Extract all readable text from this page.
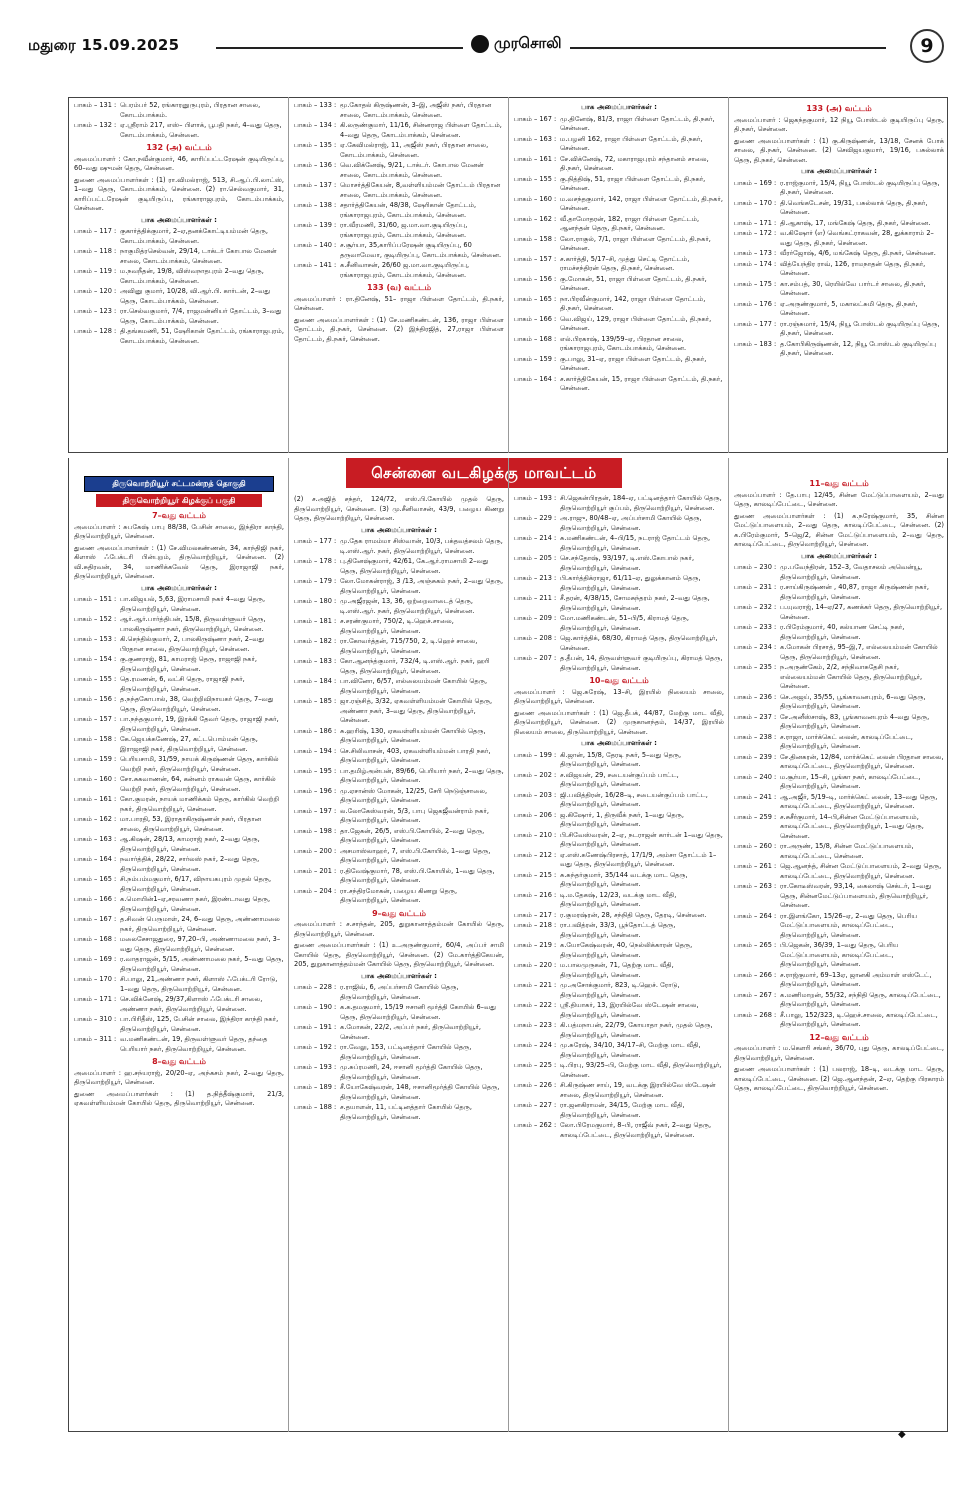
மதுரை 15.09.2025	முரசொலி	9
பாகம் – 131 : பெரம்பர் 52, ரங்காரனுருபுரம், பிரதான சாலை, கோடம்பாக்கம்.
பாகம் – 132 : ஏ.ஸ்ரீராம் 217, எஸ்– பிளாக், பூபதி நகர், 4–வது தெரு, கோடம்பாக்கம், சென்னை.
132 (அ) வட்டம்
அமைப்பாளர் : கோ.நவீன்குமார், 46, காரிப்பட்டரேஷன் குடியிருப்பு, 60–வது ஷுமன் தெரு, சென்னை.
துணை அமைப்பாளர்கள் : (1) ரா.விமல்ராஜ், 513, சி.ஆப்.பி.லாட்ஸ், 1–வது தெரு, கோடம்பாக்கம், சென்னை. (2) ரா.செல்வகுமார், 31, காரிப்பட்டரேஷன் குடியிருப்பு, ரங்காராஜபுரம், கோடம்பாக்கம், சென்னை.
பாக அமைப்பாளர்கள் :
பாகம் – 117 : குகார்த்திக்குமார், 2–ஏ,தனக்கோட்டியம்மன் தெரு, கோடம்பாக்கம், சென்னை.
பாகம் – 118 : நாகுமித்ரசெல்வன், 29/14, டாக்டர் கோபால மேனன் சாலை, கோடம்பாக்கம், சென்னை.
பாகம் – 119 : ம.நவநீதன், 19/8, விஸ்வநாதபுரம் 2–வது தெரு, கோடம்பாக்கம், சென்னை.
பாகம் – 120 : அவினு குமார், 10/28, வி.ஆர்.பி. கார்டன், 2–வது தெரு, கோடம்பாக்கம், சென்னை.
பாகம் – 123 : ரா.செல்வகுமார், 7/4, ராஜமன்னியர் தோட்டம், 3–வது தெரு, கோடம்பாக்கம், சென்னை.
பாகம் – 128 : தி.தங்கமணி, 51, ஷேரிகான் தோட்டம், ரங்காராஜபுரம், கோடம்பாக்கம், சென்னை.
பாகம் – 133 : மூ.கோதல் கிருஷ்ணன், 3–இ, அஜீஸ் நகர், பிரதான சாலை, கோடம்பாக்கம், சென்னை.
பாகம் – 134 : கி.லருண்குமார், 11/16, சின்னராஜ பிள்ளை தோட்டம், 4–வது தெரு, கோடம்பாக்கம், சென்னை.
பாகம் – 135 : ஏ.கேவிமல்ராஜ், 11, அஜீஸ் நகர், பிரதான சாலை, கோடம்பாக்கம், சென்னை.
பாகம் – 136 : வெ.விக்னேஷ், 9/21, டாக்டர். கோபால மேனன் சாலை, கோடம்பாக்கம், சென்னை.
பாகம் – 137 : மொசர்த்திகேயன், 8,வள்ளியம்மன் தோட்டம் பிரதான சாலை, கோடம்பாக்கம், சென்னை.
பாகம் – 138 : சதார்த்திகேயன், 48/38, ஷேரிகான் தோட்டம், ரங்காராஜபுரம், கோடம்பாக்கம், சென்னை.
பாகம் – 139 : ரா.வீரமணி, 31/60, ஜ.மா.வா.குடியிருப்பு, ரங்காராஜபுரம், கோடம்பாக்கம், சென்னை.
பாகம் – 140 : ச.சூர்யா, 35,காரிப்பரேஷன் குடியிருப்பு, 60 தருவாமேவா, குடியிருப்பு, கோடம்பாக்கம், சென்னை.
பாகம் – 141 : க.சீனிவாசன், 26/60 ஜ.மா.வா.குடியிருப்பு, ரங்காராஜபுரம், கோடம்பாக்கம், சென்னை.
133 (வ) வட்டம்
அமைப்பாளர் : ரா.தினேஷ், 51– ராஜா பிள்ளை தோட்டம், தி.நகர், சென்னை.
துணை அமைப்பாளர்கள் : (1) சே.மணிகண்டன், 136, ராஜா பிள்ளை தோட்டம், தி.நகர், சென்னை. (2) இந்திரஜித், 27,ராஜா பிள்ளை தோட்டம், தி.நகர், சென்னை.
பாக அமைப்பாளர்கள் :
பாகம் – 167 : மு.தினேஷ், 81/3, ராஜா பிள்ளை தோட்டம், தி.நகர், சென்னை.
பாகம் – 163 : ம.பழனி 162, ராஜா பிள்ளை தோட்டம், தி.நகர், சென்னை.
பாகம் – 161 : சே.விக்னேஷ், 72, மகாராஜபுரம் சந்தானம் சாலை, தி.நகர், சென்னை.
பாகம் – 155 : கு.நித்திஷ், 51, ராஜா பிள்ளை தோட்டம், தி.நகர், சென்னை.
பாகம் – 160 : ம.வசந்தகுமார், 142, ராஜா பிள்ளை தோட்டம், தி.நகர், சென்னை.
பாகம் – 162 : வீ.தாமோதரன், 182, ராஜா பிள்ளை தோட்டம், ஆனந்தன் தெரு, தி.நகர், சென்னை.
பாகம் – 158 : லோ.ராகுல், 7/1, ராஜா பிள்ளை தோட்டம், தி.நகர், சென்னை.
பாகம் – 157 : ச.கார்த்தி, 5/17–சி, முத்து செட்டி தோட்டம், ராமச்சந்திரன் தெரு, தி.நகர், சென்னை.
பாகம் – 156 : கு.மோகன், 51, ராஜா பிள்ளை தோட்டம், தி.நகர், சென்னை.
பாகம் – 165 : நா.பிரவீன்குமார், 142, ராஜா பிள்ளை தோட்டம், தி.நகர், சென்னை.
பாகம் – 166 : வெ.விஜய், 129, ராஜா பிள்ளை தோட்டம், தி.நகர், சென்னை.
பாகம் – 168 : எல்.பிரகாஷ், 139/59–ஏ, பிரதான சாலை, ரங்காராஜபுரம், கோடம்பாக்கம், சென்னை.
பாகம் – 159 : கு.பாலு, 31–ஏ, ராஜா பிள்ளை தோட்டம், தி.நகர், சென்னை.
பாகம் – 164 : ச.கார்த்திகேயன், 15, ராஜா பிள்ளை தோட்டம், தி.நகர், சென்னை.
133 (அ) வட்டம்
அமைப்பாளர் : ஜெகந்தகுமார், 12 நியூ போஸ்டல் குடியிருப்பு தெரு, தி.நகர், சென்னை.
துணை அமைப்பாளர்கள் : (1) கு.கிருஷ்ணன், 13/18, சேனக் போக் சாலை, தி.நகர், சென்னை. (2) செவிஜயகுமார், 19/16, பசுல்லாக் தெரு, தி.நகர், சென்னை.
பாக அமைப்பாளர்கள் :
பாகம் – 169 : ர.ராஜ்குமார், 15/4, நியூ போஸ்டல் குடியிருப்பு தெரு, தி.நகர், சென்னை.
பாகம் – 170 : தி.வெங்கடேசன், 19/31, பசுல்லாக் தெரு, தி.நகர், சென்னை.
பாகம் – 171 : தி.ஆகாஷ், 17, மங்கேஷ் தெரு, தி.நகர், சென்னை.
பாகம் – 172 : வ.கிஷோர் (எ) வெங்கட்ராகவன், 28, துக்காராம் 2–வது தெரு, தி.நகர், சென்னை.
பாகம் – 173 : வீரர்ஜோஷ், 4/6, மங்கேஷ் தெரு, தி.நகர், சென்னை.
பாகம் – 174 : வித்யேந்திர ராவ், 126, ராமநாதன் தெரு, தி.நகர், சென்னை.
பாகம் – 175 : கா.சம்பத், 30, ரெயில்வே பார்டர் சாலை, தி.நகர், சென்னை.
பாகம் – 176 : ஏ.அருண்குமார், 5, மகாலட்சுமி தெரு, தி.நகர், சென்னை.
பாகம் – 177 : ரா.ரஞ்சுமார், 15/4, நியூ போஸ்டல் குடியிருப்பு தெரு, தி.நகர், சென்னை.
பாகம் – 183 : த.கோபிகிருஷ்ணன், 12, நியூ போஸ்டல் குடியிருப்பு தி.நகர், சென்னை.
சென்னை வடகிழக்கு மாவட்டம்
திருவொற்றியூர் சட்டமன்றத் தொகுதி
திருவொற்றியூர் கிழக்குப் பகுதி
7–வது வட்டம்
அமைப்பாளர் : சுபகேஷ் பாபு 88/38, பேசின் சாலை, இந்திரா காந்தி, திருவொற்றியூர், சென்னை.
துணை அமைப்பாளர்கள் : (1) சே.விமலகண்ணன், 34, காந்திஜி நகர், கிளாஸ் ஃபேக்டரி பின்புறம், திருவொற்றியூர், சென்னை. (2) வி.சுதிரவன், 34, மாணிக்கவேல் தெரு, இராஜாஜி நகர், திருவொற்றியூர், சென்னை.
பாக அமைப்பாளர்கள் :
பாகம் – 151 : பா.விஜயல், 5,63, இராமசாமி நகர் 4–வது தெரு, திருவொற்றியூர், சென்னை.
பாகம் – 152 : ஆர்.ஆர்.பார்த்திபன், 15/8, திருவள்ளுவர் தெரு, பாலகிருஷ்ணா நகர், திருவொற்றியூர், சென்னை.
பாகம் – 153 : கி.செந்தில்குமார், 2, பாலகிருஷ்ணா நகர், 2–வது பிரதான சாலை, திருவொற்றியூர், சென்னை.
பாகம் – 154 : கு.குணராஜ், 81, காமராஜ் தெரு, ராஜாஜி நகர், திருவொற்றியூர், சென்னை.
பாகம் – 155 : தெ.ரமணன், 6, வட்சி தெரு, ராஜாஜி நகர், திருவொற்றியூர், சென்னை.
பாகம் – 156 : த.நந்தகோபால், 38, வெற்றிவிநாயகர் தெரு, 7–வது தெரு, திருவொற்றியூர், சென்னை.
பாகம் – 157 : பா.நந்தகுமார், 19, இரக்கி தேவர் தெரு, ராஜாஜி நகர், திருவொற்றியூர், சென்னை.
பாகம் – 158 : கே.ஜெயக்கணேஷ், 27, கட்டபொம்மன் தெரு, இராஜாஜி நகர், திருவொற்றியூர், சென்னை.
பாகம் – 159 : பெரியசாமி, 31/59, நாயக் கிருஷ்ணன் தெரு, கார்கில் வெற்றி நகர், திருவொற்றியூர், சென்னை.
பாகம் – 160 : சோ.சுகவாணன், 64, கன்னம் ராகவன் தெரு, கார்கில் வெற்றி நகர், திருவொற்றியூர், சென்னை.
பாகம் – 161 : கோ.குமரன், நாயக் மாணிக்கம் தெரு, கார்கில் வெற்றி நகர், திருவொற்றியூர், சென்னை.
பாகம் – 162 : மா.பாரதி, 53, இராதாகிருஷ்ணன் நகர், பிரதான சாலை, திருவொற்றியூர், சென்னை.
பாகம் – 163 : ஆ.கிஷன், 28/13, காமராஜ் நகர், 2–வது தெரு, திருவொற்றியூர், சென்னை.
பாகம் – 164 : நவார்த்திக், 28/22, சார்லஸ் நகர், 2–வது தெரு, திருவொற்றியூர், சென்னை.
பாகம் – 165 : சி.நம்பம்மகுமார், 6/17, விநாயகபுரம் முதல் தெரு, திருவொற்றியூர், சென்னை.
பாகம் – 166 : க.மொயின்1–ஏ,சரவணா நகர், இரண்டாவது தெரு, திருவொற்றியூர், சென்னை.
பாகம் – 167 : த.சிவன் பெருமாள், 24, 6–வது தெரு, அண்ணாமலை நகர், திருவொற்றியூர், சென்னை.
பாகம் – 168 : மலைசேசாஜதுரை, 97,20–பி, அண்ணாமலை நகர், 3–வது தெரு, திருவொற்றியூர், சென்னை.
பாகம் – 169 : ர.வாதராஜன், 5/15, அண்ணாமலை நகர், 5–வது தெரு, திருவொற்றியூர், சென்னை.
பாகம் – 170 : சி.பாலு, 21,அண்ணா நகர், கிளாஸ் ஃபேக்டரி ரோடு, 1–வது தெரு, திருவொற்றியூர், சென்னை.
பாகம் – 171 : செ.விக்னேஷ், 29/37,கிளாஸ் ஃபேக்டரி சாலை, அண்ணா நகர், திருவொற்றியூர், சென்னை.
பாகம் – 310 : பா.பிரிதீஸ், 125, பேசின் சாலை, இந்திரா காந்தி நகர், திருவொற்றியூர், சென்னை.
பாகம் – 311 : வ.மணிகண்டன், 19, திருவள்ளுவர் தெரு, தந்தை பெரியார் நகர், திருவொற்றியூர், சென்னை.
8–வது வட்டம்
அமைப்பாளர் : ஹ.சந்யராஜ், 20/20–ஏ, அந்கசம் நகர், 2–வது தெரு, திருவொற்றியூர், சென்னை.
துணை அமைப்பாளர்கள் : (1) த.நித்தீஷ்குமார், 21/3, ஏகவள்ளியம்மன் கோயில் தெரு, திருவொற்றியூர், சென்னை.
(2) ச.அஜித் சந்தர், 124/72, எஸ்.பி.கோயில் முதல் தெரு, திருவொற்றியூர், சென்னை. (3) மு.சீனிவாசன், 43/9, பழைய கிணறு தெரு, திருவொற்றியூர், சென்னை.
பாக அமைப்பாளர்கள் :
பாகம் – 177 : மு.தேக ராமம்மா சிஸ்வான், 10/3, பக்தவத்சலம் தெரு, டி.எஸ்.ஆர். நகர், திருவொற்றியூர், சென்னை.
பாகம் – 178 : பு.தினேஷ்குமார், 42/61, கே.ஆர்.ராமசாமி 2–வது தெரு, திருவொற்றியூர், சென்னை.
பாகம் – 179 : லோ.மோகன்ராஜ், 3 /13, அஞ்சுகம் நகர், 2–வது தெரு, திருவொற்றியூர், சென்னை.
பாகம் – 180 : மு.அஜீரஜன், 13, 36, ஒற்றைவாடைத் தெரு, டி.எஸ்.ஆர். நகர், திருவொற்றியூர், சென்னை.
பாகம் – 181 : ச.சரண்குமார், 750/2, டி.ஹெச்.சாலை, திருவொற்றியூர், சென்னை.
பாகம் – 182 : ரா.கோவர்த்தன், 715/750, 2, டி.ஹெச் சாலை, திருவொற்றியூர், சென்னை.
பாகம் – 183 : கோ.ஆனந்த்குமார், 732/4, டி.எஸ்.ஆர். நகர், ஹரி தெரு, திருவொற்றியூர், சென்னை.
பாகம் – 184 : பா.வினோ, 6/57, எல்லையம்மன் கோயில் தெரு, திருவொற்றியூர், சென்னை.
பாகம் – 185 : ஜா.ரஞ்சித், 3/32, ஏகவள்ளியம்மன் கோயில் தெரு, அண்ணா நகர், 3–வது தெரு, திருவொற்றியூர், சென்னை.
பாகம் – 186 : சு.ஹரிஷ், 130, ஏகவள்ளியம்மன் கோயில் தெரு, திருவொற்றியூர், சென்னை.
பாகம் – 194 : செ.சிலிவாசன், 403, ஏகவள்ளியம்மன் பாரதி நகர், திருவொற்றியூர், சென்னை.
பாகம் – 195 : பா.தமிழ்அன்பன், 89/66, பெரியார் நகர், 2–வது தெரு, திருவொற்றியூர், சென்னை.
பாகம் – 196 : மு.ஏசான்ஸ் மோகன், 12/25, சேரி நெடுஞ்சாலை, திருவொற்றியூர், சென்னை.
பாகம் – 197 : ல.லோகேஸ்வரன், 5/3, பாபு ஜெகஜீவன்ராம் நகர், திருவொற்றியூர், சென்னை.
பாகம் – 198 : தா.ஜேகன், 26/5, எஸ்.பி.கோயில், 2–வது தெரு, திருவொற்றியூர், சென்னை.
பாகம் – 200 : அசமாஸ்லாஹர், 7, எஸ்.பி.கோயில், 1–வது தெரு, திருவொற்றியூர், சென்னை.
பாகம் – 201 : ர.திவேஷ்குமார், 78, எஸ்.பி.கோயில், 1–வது தெரு, திருவொற்றியூர், சென்னை.
பாகம் – 204 : ரா.சந்திரமோகன், பழைய கிணறு தெரு, திருவொற்றியூர், சென்னை.
9–வது வட்டம்
அமைப்பாளர் : ச.சாந்தன், 205, துறுகானாத்தம்மன் கோயில் தெரு, திருவொற்றியூர், சென்னை.
துணை அமைப்பாளர்கள் : (1) உ.அருண்குமார், 60/4, அப்பர் சாமி கோயில் தெரு, திருவொற்றியூர், சென்னை. (2) மே.கார்த்திகேயன், 205, துறுகானாத்தம்மன் கோயில் தெரு, திருவொற்றியூர், சென்னை.
பாக அமைப்பாளர்கள் :
பாகம் – 228 : ர.ராஜிவ், 6, அப்பர்சாமி கோயில் தெரு, திருவொற்றியூர், சென்னை.
பாகம் – 190 : க.க.தமகுமார், 15/19 ஈசானி மூர்த்தி கோயில் 6–வது தெரு, திருவொற்றியூர், சென்னை.
பாகம் – 191 : க.மோகன், 22/2, அப்பர் நகர், திருவொற்றியூர், சென்னை.
பாகம் – 192 : ரா.வேலு, 153, பட்டினத்தார் கோயில் தெரு, திருவொற்றியூர், சென்னை.
பாகம் – 193 : மு.சுப்ரமணி, 24, ஈசானி மூர்த்தி கோயில் தெரு, திருவொற்றியூர், சென்னை.
பாகம் – 189 : சீ.யோகேஷ்வரன், 148, ஈசானிமூர்த்தி கோயில் தெரு, திருவொற்றியூர், சென்னை.
பாகம் – 188 : ச.தயாளன், 11, பட்டினத்தார் கோயில் தெரு, திருவொற்றியூர், சென்னை.
பாகம் – 193 : சி.ஜெகன்பிரதன், 184–ஏ, பட்டினத்தார் கோயில் தெரு, திருவொற்றியூர் குப்பம், திருவொற்றியூர், சென்னை.
பாகம் – 229 : அ.ராஜு, 80/48–ஏ, அப்பர்சாமி கோயில் தெரு, திருவொற்றியூர், சென்னை.
பாகம் – 214 : சு.மணிகண்டன், 4–பி/15, நடராஜ் தோட்டம் தெரு, திருவொற்றியூர், சென்னை.
பாகம் – 205 : செ.சந்தோஷ், 93/197, டி.எஸ்.கோபால் நகர், திருவொற்றியூர், சென்னை.
பாகம் – 213 : பி.கார்த்திக்ராஜா, 61/11–ஏ, துலுக்கானம் தெரு, திருவொற்றியூர், சென்னை.
பாகம் – 211 : சீ.தரன், 4/38/15, சோமசுந்தரம் நகர், 2–வது தெரு, திருவொற்றியூர், சென்னை.
பாகம் – 209 : மோ.மணிகண்டன், 51–பி/5, கிராமத் தெரு, திருவொற்றியூர், சென்னை.
பாகம் – 208 : ஜெ.கார்த்திக், 68/30, கிராமத் தெரு, திருவொற்றியூர், சென்னை.
பாகம் – 207 : த.தீபன், 14, திருவள்ளுவர் குடியிருப்பு, கிராமத் தெரு, திருவொற்றியூர், சென்னை.
10–வது வட்டம்
அமைப்பாளர் : ஜெ.சுரேஷ், 13–சி, இரயில் நிலையம் சாலை, திருவொற்றியூர், சென்னை.
துணை அமைப்பாளர்கள் : (1) ஜெ.தீபக், 44/87, மேற்கு மாட வீதி, திருவொற்றியூர், சென்னை. (2) முருகானந்தம், 14/37, இரயில் நிலையம் சாலை, திருவொற்றியூர், சென்னை.
பாக அமைப்பாளர்கள் :
பாகம் – 199 : கி.ஜான், 15/8, தேரடி நகர், 5–வது தெரு, திருவொற்றியூர், சென்னை.
பாகம் – 202 : ச.விஜயன், 29, சடையன்குப்பம் பாட்ட, திருவொற்றியூர், சென்னை.
பாகம் – 203 : ஜி.பவித்திரன், 16/28–டி, சடையன்குப்பம் பாட்ட, திருவொற்றியூர், சென்னை.
பாகம் – 206 : ஜ.கிஷோர், 1, திருவீக் நகர், 1–வது தெரு, திருவொற்றியூர், சென்னை.
பாகம் – 210 : பி.சிவேஸ்வரன், 2–ஏ, நடராஜன் கார்டன் 1–வது தெரு, திருவொற்றியூர், சென்னை.
பாகம் – 212 : ஏ.எஸ்.கணேஷ்பிரசாத், 17/1/9, அம்சா தோட்டம் 1–வது தெரு, திருவொற்றியூர், சென்னை.
பாகம் – 215 : சு.சுந்தர்குமார், 35/144 வடக்கு மாட தெரு, திருவொற்றியூர், சென்னை.
பாகம் – 216 : டி.ம.தேகஷ், 12/23, வடக்கு மாட வீதி, திருவொற்றியூர், சென்னை.
பாகம் – 217 : ர.குமரஷ்ரன், 28, சந்நிதி தெரு, தேரடி, சென்னை.
பாகம் – 218 : ரா.பவித்ரன், 33/3, பூந்தோட்டத் தெரு, திருவொற்றியூர், சென்னை.
பாகம் – 219 : க.யோகேஷ்வரன், 40, நெல்லிக்காரன் தெரு, திருவொற்றியூர், சென்னை.
பாகம் – 220 : ம.பாலமுருகன், 71, தெற்கு மாட வீதி, திருவொற்றியூர், சென்னை.
பாகம் – 221 : மு.அசோக்குமார், 823, டி.ஹெச். ரோடு, திருவொற்றியூர், சென்னை.
பாகம் – 222 : ஸ்ரீ.தியாகர், 13, இரயில்வே ஸ்டேஷன் சாலை, திருவொற்றியூர், சென்னை.
பாகம் – 223 : கி.பத்மநாபன், 22/79, கோயாதா நகர், முதல் தெரு, திருவொற்றியூர், சென்னை.
பாகம் – 224 : மு.சுரேஷ், 34/10, 34/17–சி, மேற்கு மாட வீதி, திருவொற்றியூர், சென்னை.
பாகம் – 225 : டி.பிரபு, 93/25–பி, மேற்கு மாட வீதி, திருவொற்றியூர், சென்னை.
பாகம் – 226 : சி.கிருஷ்ண சாய், 19, வடக்கு இரயில்வே ஸ்டேஷன் சாலை, திருவொற்றியூர், சென்னை.
பாகம் – 227 : ரா.ஜனகிராமன், 34/15, மேற்கு மாட வீதி, திருவொற்றியூர், சென்னை.
பாகம் – 262 : லோ.பிரேமகுமார், 8–பி, ராஜீவ் நகர், 2–வது தெரு, காலடிப்பேட்டை, திருவொற்றியூர், சென்னை.
11–வது வட்டம்
அமைப்பாளர் : தே.பாபு 12/45, சின்ன மேட்டுப்பாளையம், 2–வது தெரு, காலடிப்பேட்டை, சென்னை.
துணை அமைப்பாளர்கள் : (1) க.நரேஷ்குமார், 35, சின்ன மேட்டுப்பாளையம், 2–வது தெரு, காலடிப்பேட்டை, சென்னை. (2) க.பிரேம்குமார், 5–ஜெ/2, சின்ன மேட்டுப்பாளையம், 2–வது தெரு, காலடிப்பேட்டை, திருவொற்றியூர், சென்னை.
பாக அமைப்பாளர்கள் :
பாகம் – 230 : மு.பவேந்திரன், 152–3, வேதாசலம் அவென்யூ, திருவொற்றியூர், சென்னை.
பாகம் – 231 : ர.சாய்கிருஷ்ணன் , 40,87, ராஜா கிருஷ்ணன் நகர், திருவொற்றியூர், சென்னை.
பாகம் – 232 : ப.யுவராஜ், 14–ஏ/27, கணக்கர் தெரு, திருவொற்றியூர், சென்னை.
பாகம் – 233 : ர.பிரேம்குமார், 40, கல்யாண செட்டி நகர், திருவொற்றியூர், சென்னை.
பாகம் – 234 : க.மோகன் பிரசாத், 95–இ,7, எல்லையம்மன் கோயில் தெரு, திருவொற்றியூர், சென்னை.
பாகம் – 235 : ந.அருண்கேம், 2/2, சந்நிவாசுதேசி நகர், எல்லையம்மன் கோயில் தெரு, திருவொற்றியூர், சென்னை.
பாகம் – 236 : செ.அஜய், 35/55, பூங்காவனபுரம், 6–வது தெரு, திருவொற்றியூர், சென்னை.
பாகம் – 237 : சே.அனீஸ்சாஷ், 83, பூங்காவனபுரம் 4–வது தெரு, திருவொற்றியூர், சென்னை.
பாகம் – 238 : ச.ராஜா, மார்க்கெட் லைன், காலடிப்பேட்டை, திருவொற்றியூர், சென்னை.
பாகம் – 239 : சே.தினகரன், 12/84, மார்க்கெட் லைன் பிரதான சாலை, காலடிப்பேட்டை, திருவொற்றியூர், சென்னை.
பாகம் – 240 : ம.சூர்யா, 15–சி, பூங்கா நகர், காலடிப்பேட்டை, திருவொற்றியூர், சென்னை.
பாகம் – 241 : ஆ.அஜீர், 5/19–டி, மார்க்கெட் லைன், 13–வது தெரு, காலடிப்பேட்டை, திருவொற்றியூர், சென்னை.
பாகம் – 259 : ச.சுசீர்குமார், 14–பி,சின்ன மேட்டுப்பாளையம், காலடிப்பேட்டை, திருவொற்றியூர், 1–வது தெரு, சென்னை.
பாகம் – 260 : ரா.அருண், 15/8, சின்ன மேட்டுப்பாளையம், காலடிப்பேட்டை, சென்னை.
பாகம் – 261 : ஜெ.ஆனந்த், சின்ன மேட்டுப்பாளையம், 2–வது தெரு, காலடிப்பேட்டை, திருவொற்றியூர், சென்னை.
பாகம் – 263 : ரா.கோடீஸ்வரன், 93,14, கைலாஷ் செக்டர், 1–வது தெரு, சின்னமேட்டுப்பாளையம், திருவொற்றியூர், சென்னை.
பாகம் – 264 : ரா.இளங்கோ, 15/26–ஏ, 2–வது தெரு, பெரிய மேட்டுப்பாளையம், காலடிப்பேட்டை, திருவொற்றியூர், சென்னை.
பாகம் – 265 : பி.ஜெகன், 36/39, 1–வது தெரு, பெரிய மேட்டுப்பாளையம், காலடிப்பேட்டை, திருவொற்றியூர், சென்னை.
பாகம் – 266 : ச.ராஜ்குமார், 69–13ஏ, ஜானகி அம்மாள் எஸ்டேட், திருவொற்றியூர், சென்னை.
பாகம் – 267 : க.மணிமாறன், 55/32, சந்நிதி தெரு, காலடிப்பேட்டை, திருவொற்றியூர், சென்னை.
பாகம் – 268 : சீ.பாலு, 152/323, டி.ஹெச்.சாலை, காலடிப்பேட்டை, திருவொற்றியூர், சென்னை.
12–வது வட்டம்
அமைப்பாளர் : ம.கௌரி சங்கர், 36/70, புது தெரு, காலடிப்பேட்டை, திருவொற்றியூர், சென்னை.
துணை அமைப்பாளர்கள் : (1) பலராஜ், 18–டி, வடக்கு மாட தெரு, காலடிப்பேட்டை, சென்னை. (2) ஜெ.ஆனந்தன், 2–ஏ, தெற்கு பிரகாரம் தெரு, காலடிப்பேட்டை, திருவொற்றியூர், சென்னை.
◆
